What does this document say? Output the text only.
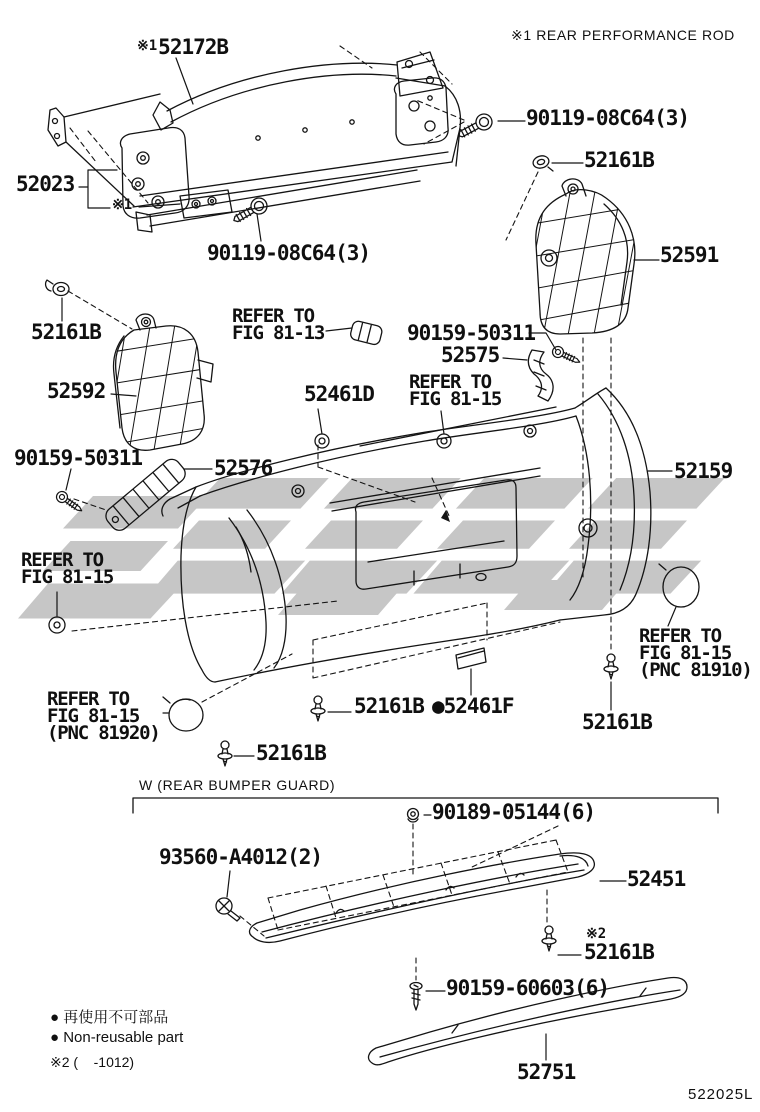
※152172B	※1 REAR PERFORMANCE ROD
90119-08C64(3)
52161B
52023
※1
90119-08C64(3)	52591
52161B
REFER TO
FIG 81-13	90159-50311
52575
52592	52461D REFER TO
FIG 81-15
90159-50311	52576	52159
REFER TO
FIG 81-15
REFER TO
FIG 81-15
(PNC 81910)
REFER TO
FIG 81-15
(PNC 81920)
52161B ●52461F
52161B
52161B
W (REAR BUMPER GUARD)
90189-05144(6)
93560-A4012(2)
52451
※2
52161B
90159-60603(6)
52751
● 再使用不可部品
● Non-reusable part
※2 (    -1012)
522025L
